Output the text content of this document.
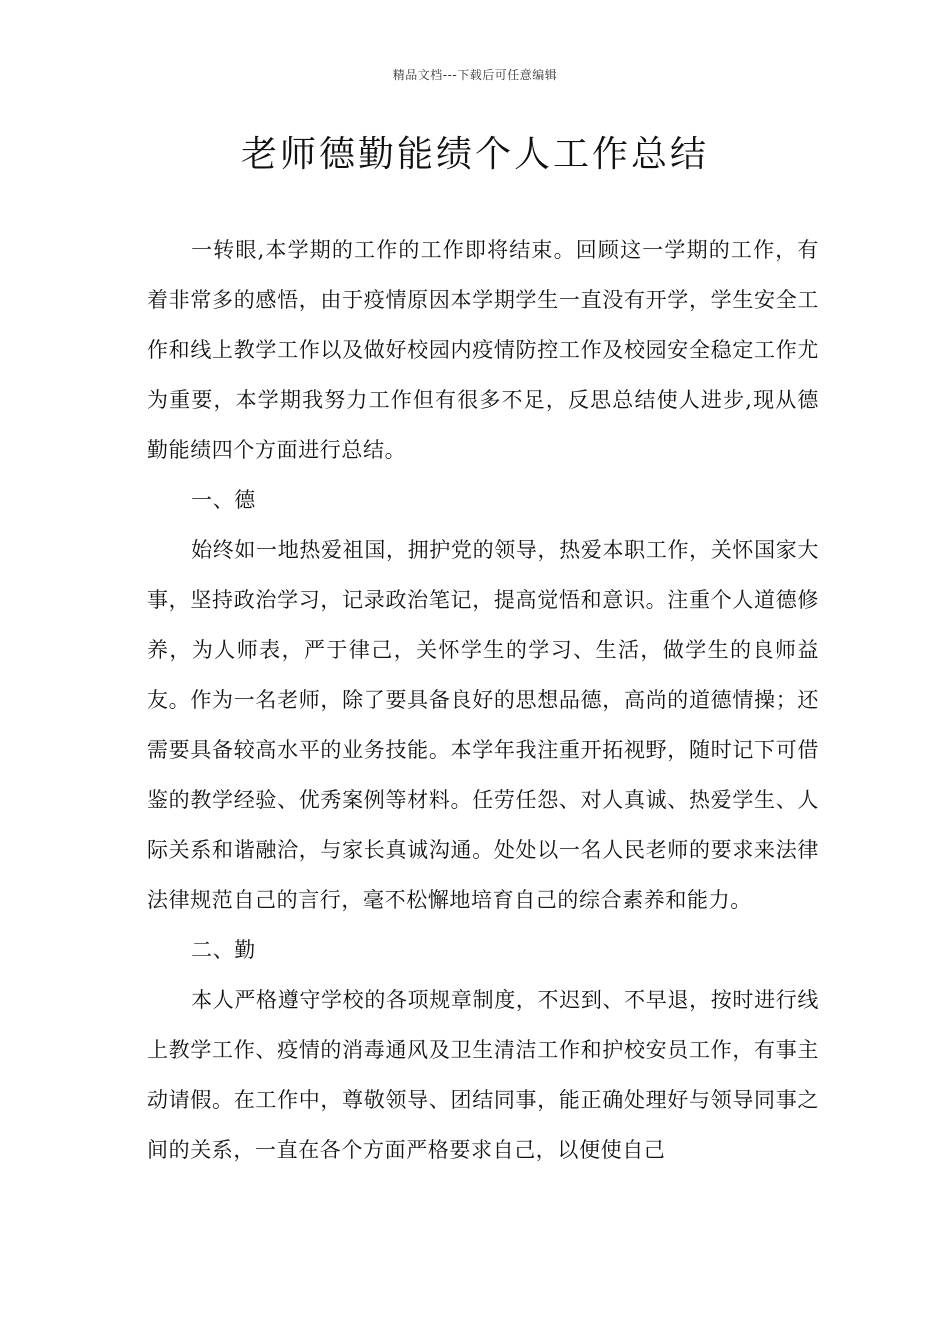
精品文档---下载后可任意编辑
老师德勤能绩个人工作总结

一转眼,本学期的工作的工作即将结束。回顾这一学期的工作，有着非常多的感悟，由于疫情原因本学期学生一直没有开学，学生安全工作和线上教学工作以及做好校园内疫情防控工作及校园安全稳定工作尤为重要，本学期我努力工作但有很多不足，反思总结使人进步,现从德勤能绩四个方面进行总结。

一、德

始终如一地热爱祖国，拥护党的领导，热爱本职工作，关怀国家大事，坚持政治学习，记录政治笔记，提高觉悟和意识。注重个人道德修养，为人师表，严于律己，关怀学生的学习、生活，做学生的良师益友。作为一名老师，除了要具备良好的思想品德，高尚的道德情操；还需要具备较高水平的业务技能。本学年我注重开拓视野，随时记下可借鉴的教学经验、优秀案例等材料。任劳任怨、对人真诚、热爱学生、人际关系和谐融洽，与家长真诚沟通。处处以一名人民老师的要求来法律法律规范自己的言行，毫不松懈地培育自己的综合素养和能力。

二、勤

本人严格遵守学校的各项规章制度，不迟到、不早退，按时进行线上教学工作、疫情的消毒通风及卫生清洁工作和护校安员工作，有事主动请假。在工作中，尊敬领导、团结同事，能正确处理好与领导同事之间的关系，一直在各个方面严格要求自己，以便使自己
